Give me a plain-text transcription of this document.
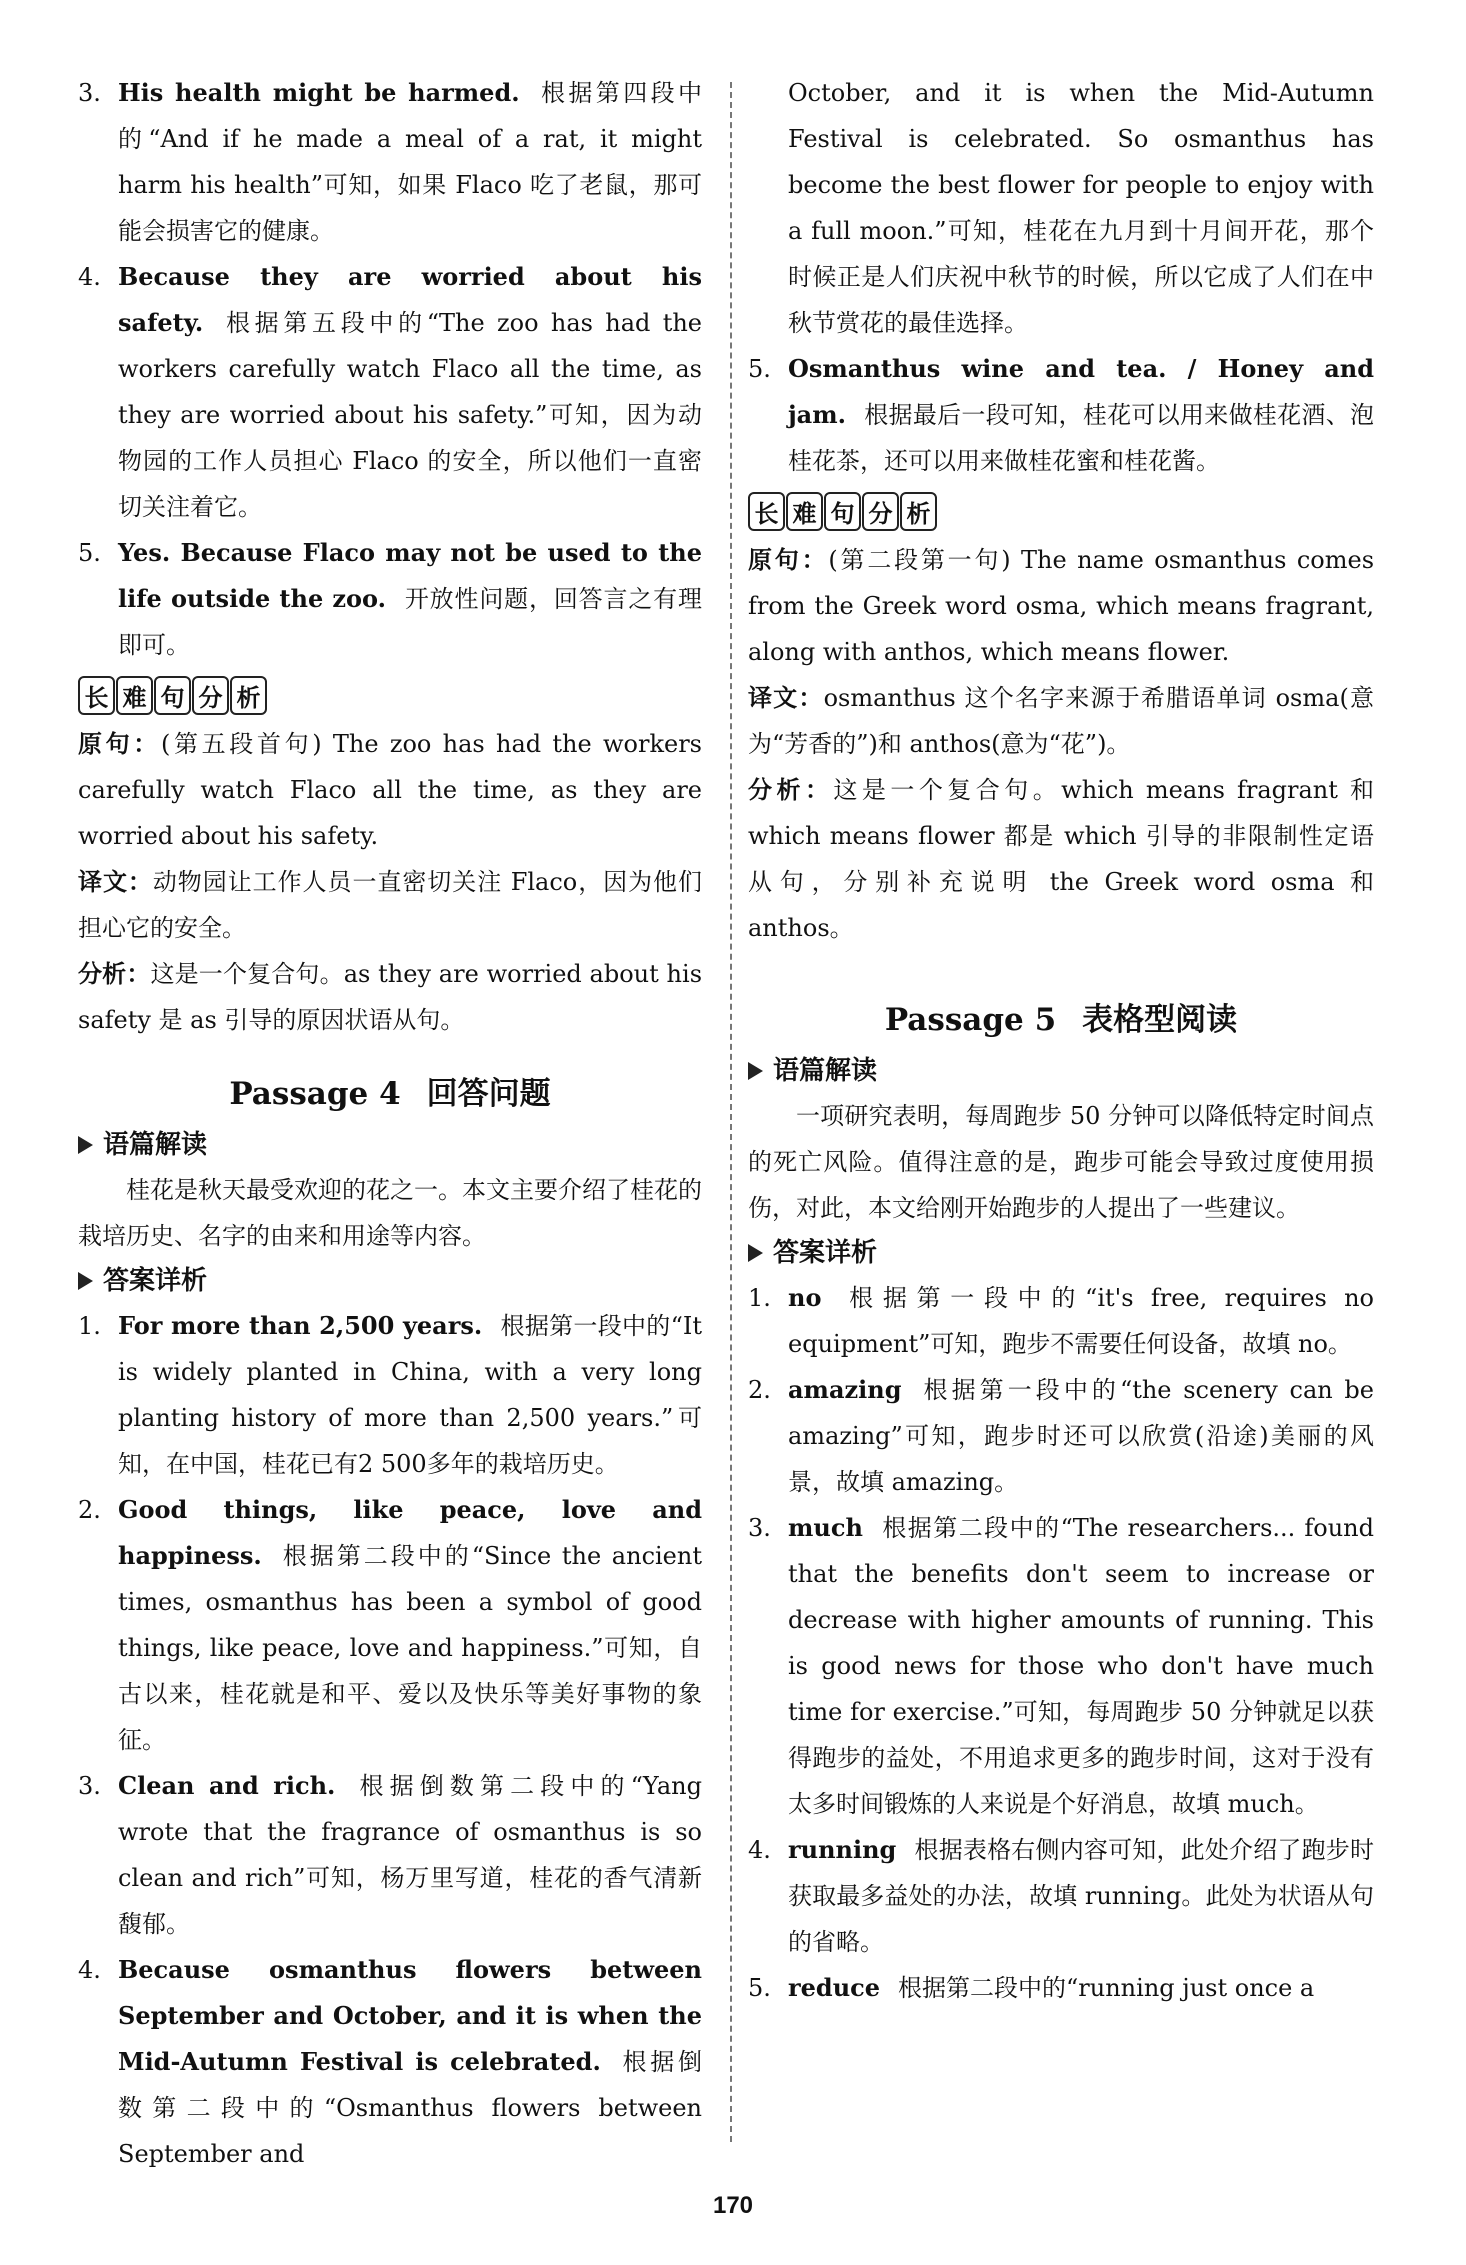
3. His health might be harmed. 根据第四段中的“And if he made a meal of a rat, it might harm his health”可知，如果 Flaco 吃了老鼠，那可能会损害它的健康。

4. Because they are worried about his safety. 根据第五段中的“The zoo has had the workers carefully watch Flaco all the time, as they are worried about his safety.”可知，因为动物园的工作人员担心 Flaco 的安全，所以他们一直密切关注着它。

5. Yes. Because Flaco may not be used to the life outside the zoo. 开放性问题，回答言之有理即可。

长 难 句 分 析

原句：(第五段首句) The zoo has had the workers carefully watch Flaco all the time, as they are worried about his safety.

译文：动物园让工作人员一直密切关注 Flaco，因为他们担心它的安全。

分析：这是一个复合句。as they are worried about his safety 是 as 引导的原因状语从句。

Passage 4 回答问题
语篇解读

桂花是秋天最受欢迎的花之一。本文主要介绍了桂花的栽培历史、名字的由来和用途等内容。

答案详析
1. For more than 2,500 years. 根据第一段中的“It is widely planted in China, with a very long planting history of more than 2,500 years.”可知，在中国，桂花已有2 500多年的栽培历史。

2. Good things, like peace, love and happiness. 根据第二段中的“Since the ancient times, osmanthus has been a symbol of good things, like peace, love and happiness.”可知，自古以来，桂花就是和平、爱以及快乐等美好事物的象征。

3. Clean and rich. 根据倒数第二段中的“Yang wrote that the fragrance of osmanthus is so clean and rich”可知，杨万里写道，桂花的香气清新馥郁。

4. Because osmanthus flowers between September and October, and it is when the Mid-Autumn Festival is celebrated. 根据倒数第二段中的“Osmanthus flowers between September and

October, and it is when the Mid-Autumn Festival is celebrated. So osmanthus has become the best flower for people to enjoy with a full moon.”可知，桂花在九月到十月间开花，那个时候正是人们庆祝中秋节的时候，所以它成了人们在中秋节赏花的最佳选择。

5. Osmanthus wine and tea. / Honey and jam. 根据最后一段可知，桂花可以用来做桂花酒、泡桂花茶，还可以用来做桂花蜜和桂花酱。

长 难 句 分 析

原句：(第二段第一句) The name osmanthus comes from the Greek word osma, which means fragrant, along with anthos, which means flower.

译文：osmanthus 这个名字来源于希腊语单词 osma(意为“芳香的”)和 anthos(意为“花”)。

分析：这是一个复合句。which means fragrant 和 which means flower 都是 which 引导的非限制性定语从句，分别补充说明 the Greek word osma 和 anthos。

Passage 5 表格型阅读
语篇解读

一项研究表明，每周跑步 50 分钟可以降低特定时间点的死亡风险。值得注意的是，跑步可能会导致过度使用损伤，对此，本文给刚开始跑步的人提出了一些建议。

答案详析
1. no 根据第一段中的“it's free, requires no equipment”可知，跑步不需要任何设备，故填 no。

2. amazing 根据第一段中的“the scenery can be amazing”可知，跑步时还可以欣赏(沿途)美丽的风景，故填 amazing。

3. much 根据第二段中的“The researchers... found that the benefits don't seem to increase or decrease with higher amounts of running. This is good news for those who don't have much time for exercise.”可知，每周跑步 50 分钟就足以获得跑步的益处，不用追求更多的跑步时间，这对于没有太多时间锻炼的人来说是个好消息，故填 much。

4. running 根据表格右侧内容可知，此处介绍了跑步时获取最多益处的办法，故填 running。此处为状语从句的省略。

5. reduce 根据第二段中的“running just once a

170
